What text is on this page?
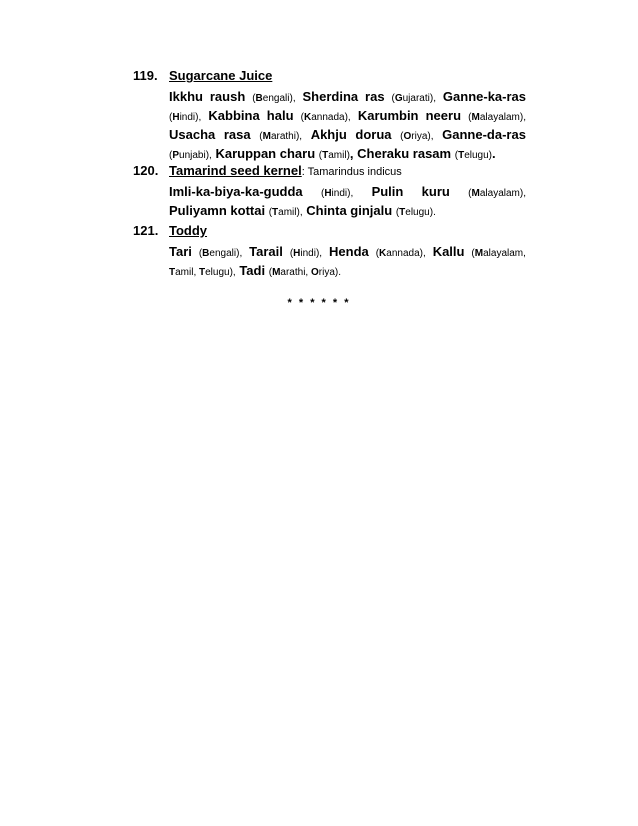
119. Sugarcane Juice
Ikkhu raush (Bengali), Sherdina ras (Gujarati), Ganne-ka-ras (Hindi), Kabbina halu (Kannada), Karumbin neeru (Malayalam), Usacha rasa (Marathi), Akhju dorua (Oriya), Ganne-da-ras (Punjabi), Karuppan charu (Tamil), Cheraku rasam (Telugu).
120. Tamarind seed kernel: Tamarindus indicus
Imli-ka-biya-ka-gudda (Hindi), Pulin kuru (Malayalam), Puliyamn kottai (Tamil), Chinta ginjalu (Telugu).
121. Toddy
Tari (Bengali), Tarail (Hindi), Henda (Kannada), Kallu (Malayalam, Tamil, Telugu), Tadi (Marathi, Oriya).
* * * * * *
